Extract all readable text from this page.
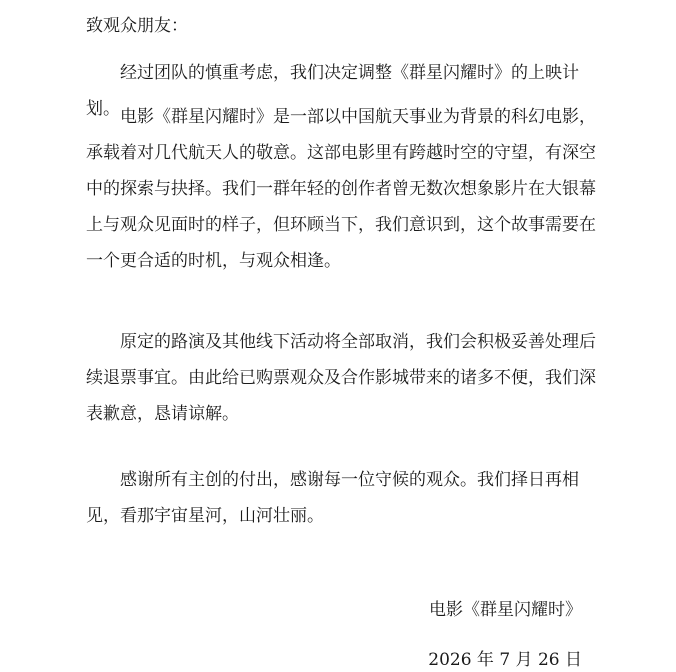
致观众朋友：

经过团队的慎重考虑，我们决定调整《群星闪耀时》的上映计划。 电影《群星闪耀时》是一部以中国航天事业为背景的科幻电影，承载着对几代航天人的敬意。这部电影里有跨越时空的守望，有深空中的探索与抉择。我们一群年轻的创作者曾无数次想象影片在大银幕上与观众见面时的样子，但环顾当下，我们意识到，这个故事需要在一个更合适的时机，与观众相逢。

原定的路演及其他线下活动将全部取消，我们会积极妥善处理后续退票事宜。由此给已购票观众及合作影城带来的诸多不便，我们深表歉意，恳请谅解。

感谢所有主创的付出，感谢每一位守候的观众。我们择日再相见，看那宇宙星河，山河壮丽。

电影《群星闪耀时》
2026 年 7 月 26 日
